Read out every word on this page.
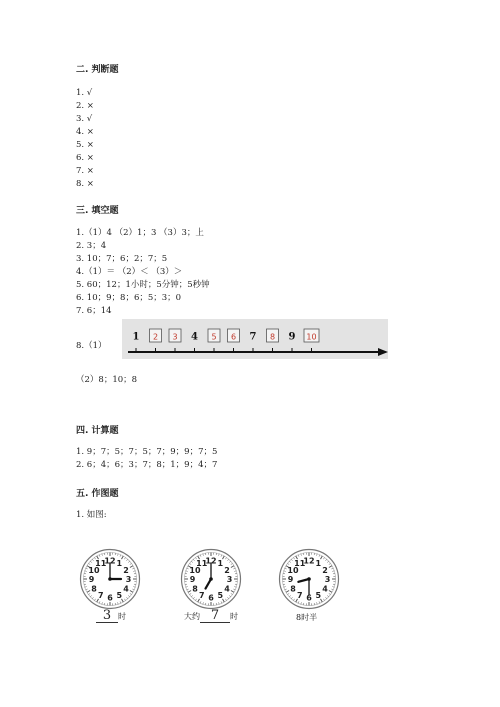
二. 判断题
1. √
2. ×
3. √
4. ×
5. ×
6. ×
7. ×
8. ×
三. 填空题
1.（1）4 （2）1；3 （3）3；上
2. 3；4
3. 10；7；6；2；7；5
4.（1）＝ （2）＜ （3）＞
5. 60；12；1小时；5分钟；5秒钟
6. 10；9；8；6；5；3；0
7. 6；14
8.（1）
1 2 3 4 5 6 7 8 9 10
（2）8；10；8
四. 计算题
1. 9；7；5；7；5；7；9；9；7；5
2. 6；4；6；3；7；8；1；9；4；7
五. 作图题
1. 如图:
1
2
3
4
5
6
7
8
9
10
11
12	1
2
3
4
5
6
7
8
9
10
11
12	1
2
3
4
5
6
7
8
9
10
11
12
3 时	大约 7 时	8时半
